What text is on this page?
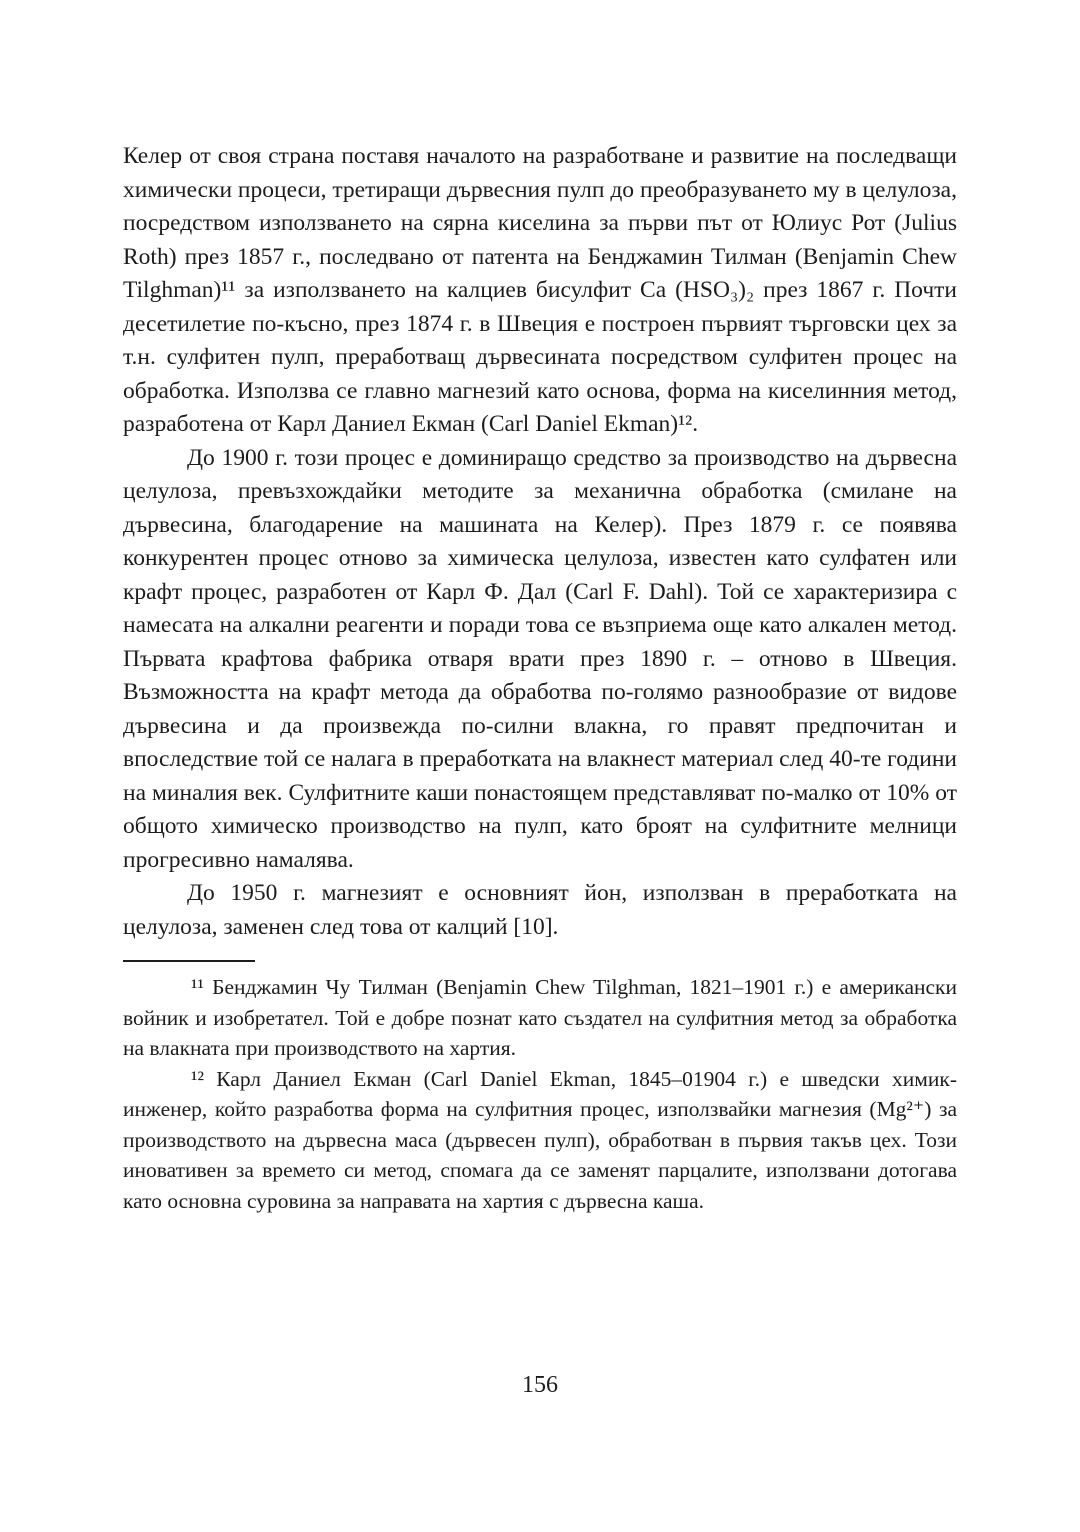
Келер от своя страна поставя началото на разработване и развитие на последващи химически процеси, третиращи дървесния пулп до преобразуването му в целулоза, посредством използването на сярна киселина за първи път от Юлиус Рот (Julius Roth) през 1857 г., последвано от патента на Бенджамин Тилман (Benjamin Chew Tilghman)¹¹ за използването на калциев бисулфит Ca (HSO₃)₂ през 1867 г. Почти десетилетие по-късно, през 1874 г. в Швеция е построен първият търговски цех за т.н. сулфитен пулп, преработващ дървесината посредством сулфитен процес на обработка. Използва се главно магнезий като основа, форма на киселинния метод, разработена от Карл Даниел Екман (Carl Daniel Ekman)¹².

До 1900 г. този процес е доминиращо средство за производство на дървесна целулоза, превъзхождайки методите за механична обработка (смилане на дървесина, благодарение на машината на Келер). През 1879 г. се появява конкурентен процес отново за химическа целулоза, известен като сулфатен или крафт процес, разработен от Карл Ф. Дал (Carl F. Dahl). Той се характеризира с намесата на алкални реагенти и поради това се възприема още като алкален метод. Първата крафтова фабрика отваря врати през 1890 г. – отново в Швеция. Възможността на крафт метода да обработва по-голямо разнообразие от видове дървесина и да произвежда по-силни влакна, го правят предпочитан и впоследствие той се налага в преработката на влакнест материал след 40-те години на миналия век. Сулфитните каши понастоящем представляват по-малко от 10% от общото химическо производство на пулп, като броят на сулфитните мелници прогресивно намалява.

До 1950 г. магнезият е основният йон, използван в преработката на целулоза, заменен след това от калций [10].

¹¹ Бенджамин Чу Тилман (Benjamin Chew Tilghman, 1821–1901 г.) е американски войник и изобретател. Той е добре познат като създател на сулфитния метод за обработка на влакната при производството на хартия.

¹² Карл Даниел Екман (Carl Daniel Ekman, 1845–01904 г.) е шведски химик-инженер, който разработва форма на сулфитния процес, използвайки магнезия (Mg²⁺) за производството на дървесна маса (дървесен пулп), обработван в първия такъв цех. Този иновативен за времето си метод, спомага да се заменят парцалите, използвани дотогава като основна суровина за направата на хартия с дървесна каша.

156
